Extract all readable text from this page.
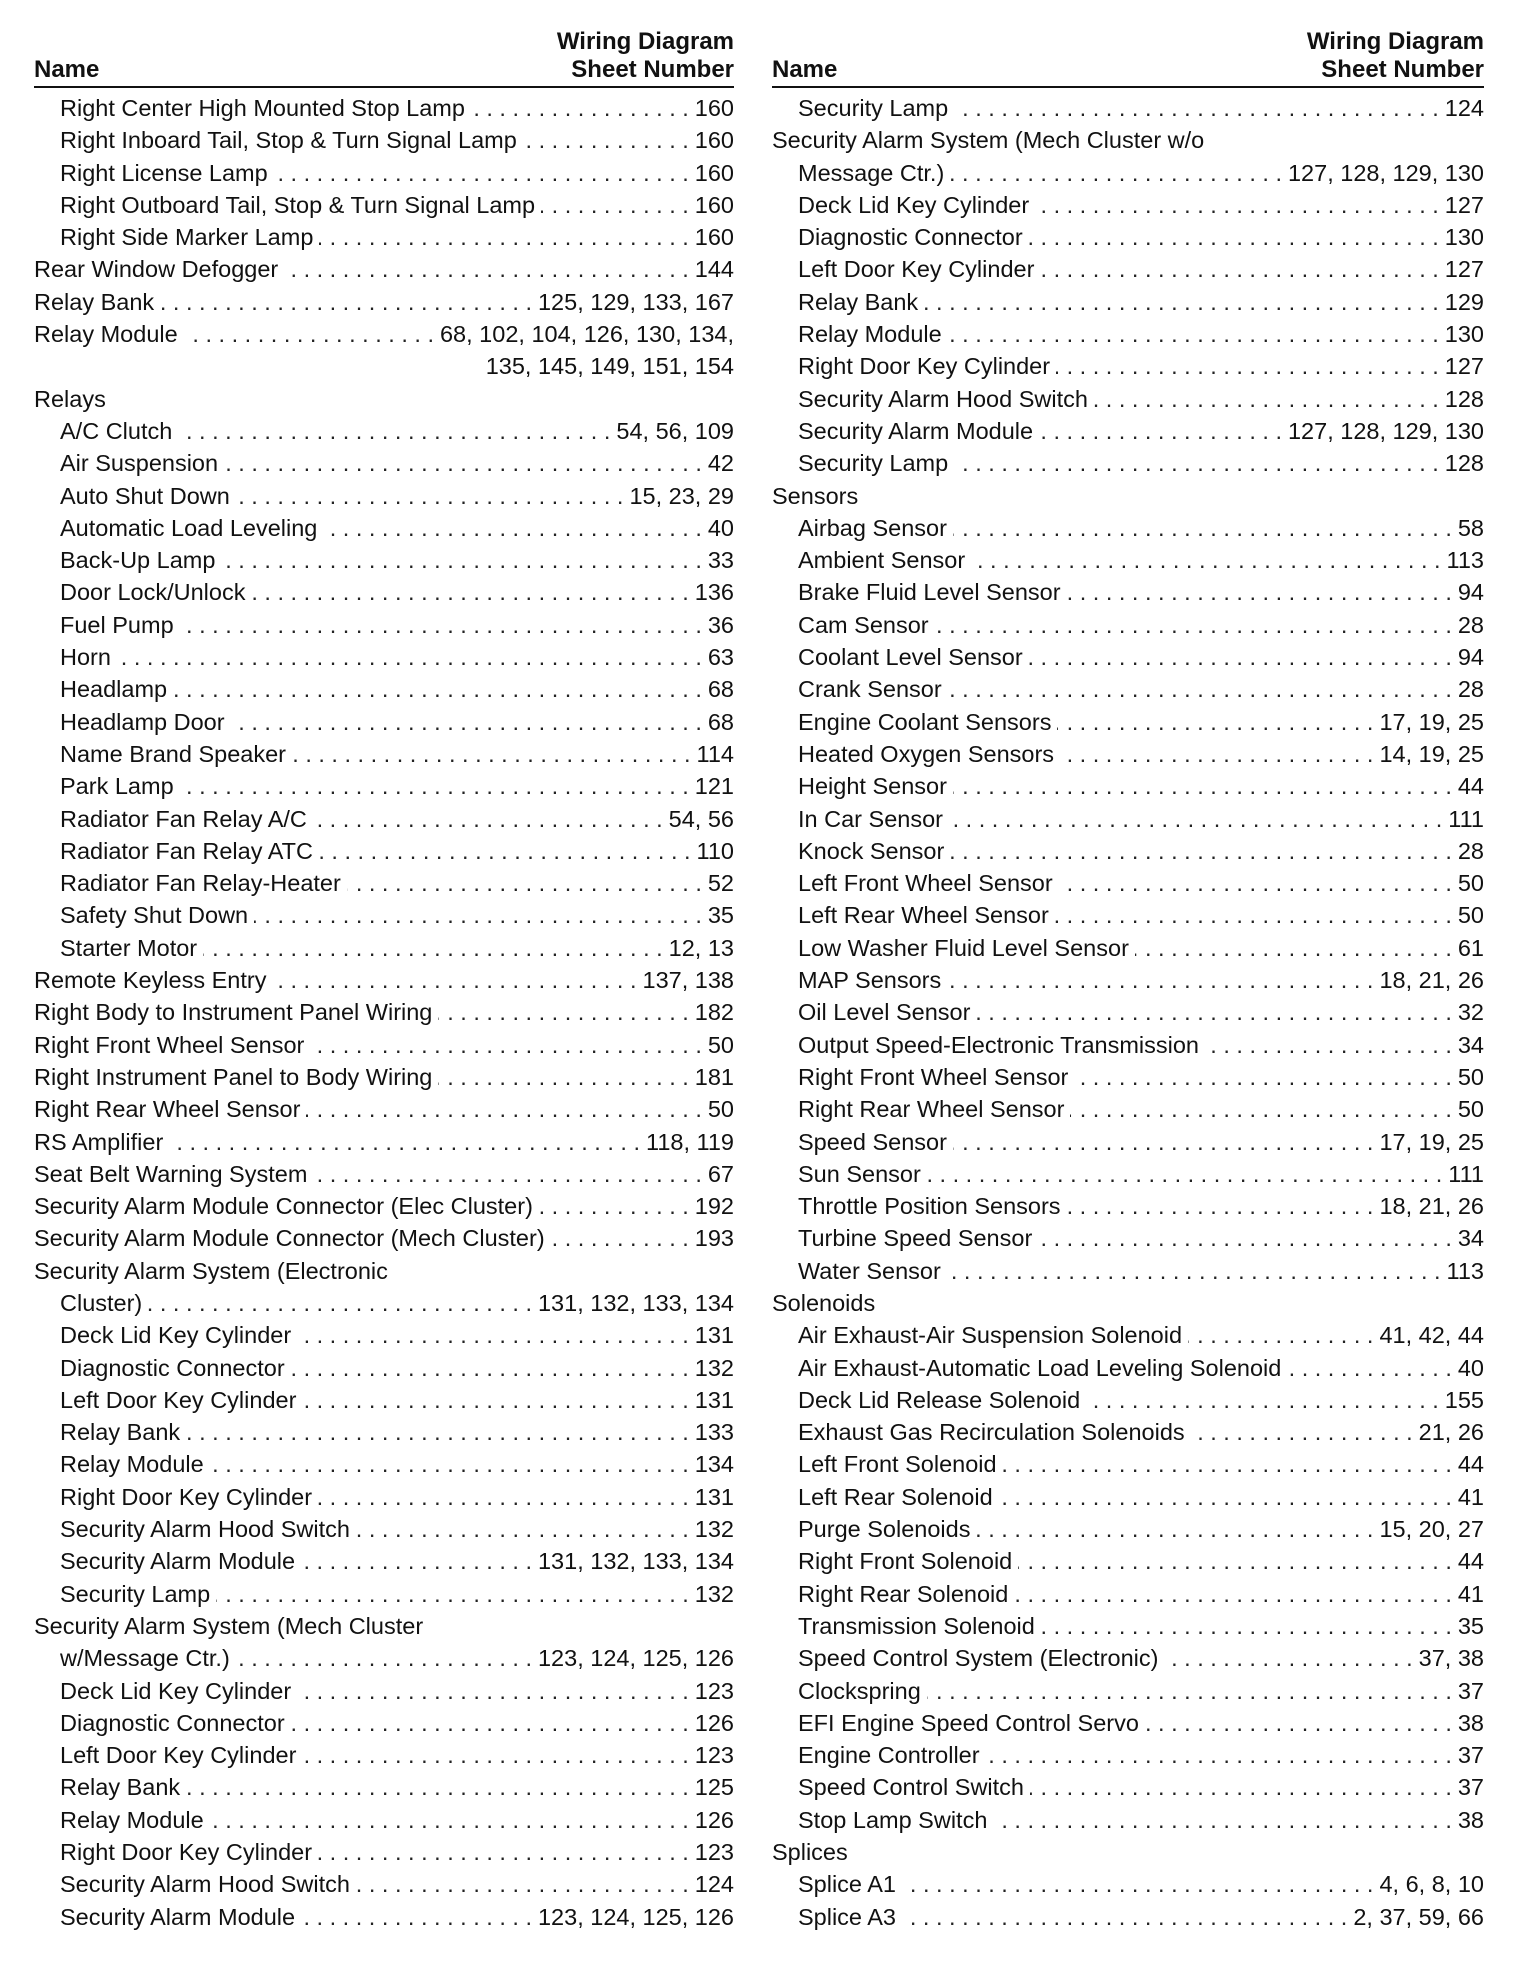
Name
Wiring Diagram
Sheet Number
Right Center High Mounted Stop Lamp . . .	160
Right Inboard Tail, Stop & Turn Signal Lamp . . .	160
Right License Lamp . . .	160
Right Outboard Tail, Stop & Turn Signal Lamp . . .	160
Right Side Marker Lamp . . .	160
Rear Window Defogger . . .	144
Relay Bank . . .	125, 129, 133, 167
Relay Module . . .	68, 102, 104, 126, 130, 134,
135, 145, 149, 151, 154
Relays
A/C Clutch . . .	54, 56, 109
Air Suspension . . .	42
Auto Shut Down . . .	15, 23, 29
Automatic Load Leveling . . .	40
Back-Up Lamp . . .	33
Door Lock/Unlock . . .	136
Fuel Pump . . .	36
Horn . . .	63
Headlamp . . .	68
Headlamp Door . . .	68
Name Brand Speaker . . .	114
Park Lamp . . .	121
Radiator Fan Relay A/C . . .	54, 56
Radiator Fan Relay ATC . . .	110
Radiator Fan Relay-Heater . . .	52
Safety Shut Down . . .	35
Starter Motor . . .	12, 13
Remote Keyless Entry . . .	137, 138
Right Body to Instrument Panel Wiring . . .	182
Right Front Wheel Sensor . . .	50
Right Instrument Panel to Body Wiring . . .	181
Right Rear Wheel Sensor . . .	50
RS Amplifier . . .	118, 119
Seat Belt Warning System . . .	67
Security Alarm Module Connector (Elec Cluster) . . .	192
Security Alarm Module Connector (Mech Cluster) . . .	193
Security Alarm System (Electronic
Cluster) . . .	131, 132, 133, 134
Deck Lid Key Cylinder . . .	131
Diagnostic Connector . . .	132
Left Door Key Cylinder . . .	131
Relay Bank . . .	133
Relay Module . . .	134
Right Door Key Cylinder . . .	131
Security Alarm Hood Switch . . .	132
Security Alarm Module . . .	131, 132, 133, 134
Security Lamp . . .	132
Security Alarm System (Mech Cluster
w/Message Ctr.) . . .	123, 124, 125, 126
Deck Lid Key Cylinder . . .	123
Diagnostic Connector . . .	126
Left Door Key Cylinder . . .	123
Relay Bank . . .	125
Relay Module . . .	126
Right Door Key Cylinder . . .	123
Security Alarm Hood Switch . . .	124
Security Alarm Module . . .	123, 124, 125, 126
Name
Wiring Diagram
Sheet Number
Security Lamp . . .	124
Security Alarm System (Mech Cluster w/o
Message Ctr.) . . .	127, 128, 129, 130
Deck Lid Key Cylinder . . .	127
Diagnostic Connector . . .	130
Left Door Key Cylinder . . .	127
Relay Bank . . .	129
Relay Module . . .	130
Right Door Key Cylinder . . .	127
Security Alarm Hood Switch . . .	128
Security Alarm Module . . .	127, 128, 129, 130
Security Lamp . . .	128
Sensors
Airbag Sensor . . .	58
Ambient Sensor . . .	113
Brake Fluid Level Sensor . . .	94
Cam Sensor . . .	28
Coolant Level Sensor . . .	94
Crank Sensor . . .	28
Engine Coolant Sensors . . .	17, 19, 25
Heated Oxygen Sensors . . .	14, 19, 25
Height Sensor . . .	44
In Car Sensor . . .	111
Knock Sensor . . .	28
Left Front Wheel Sensor . . .	50
Left Rear Wheel Sensor . . .	50
Low Washer Fluid Level Sensor . . .	61
MAP Sensors . . .	18, 21, 26
Oil Level Sensor . . .	32
Output Speed-Electronic Transmission . . .	34
Right Front Wheel Sensor . . .	50
Right Rear Wheel Sensor . . .	50
Speed Sensor . . .	17, 19, 25
Sun Sensor . . .	111
Throttle Position Sensors . . .	18, 21, 26
Turbine Speed Sensor . . .	34
Water Sensor . . .	113
Solenoids
Air Exhaust-Air Suspension Solenoid . . .	41, 42, 44
Air Exhaust-Automatic Load Leveling Solenoid . . .	40
Deck Lid Release Solenoid . . .	155
Exhaust Gas Recirculation Solenoids . . .	21, 26
Left Front Solenoid . . .	44
Left Rear Solenoid . . .	41
Purge Solenoids . . .	15, 20, 27
Right Front Solenoid . . .	44
Right Rear Solenoid . . .	41
Transmission Solenoid . . .	35
Speed Control System (Electronic) . . .	37, 38
Clockspring . . .	37
EFI Engine Speed Control Servo . . .	38
Engine Controller . . .	37
Speed Control Switch . . .	37
Stop Lamp Switch . . .	38
Splices
Splice A1 . . .	4, 6, 8, 10
Splice A3 . . .	2, 37, 59, 66
